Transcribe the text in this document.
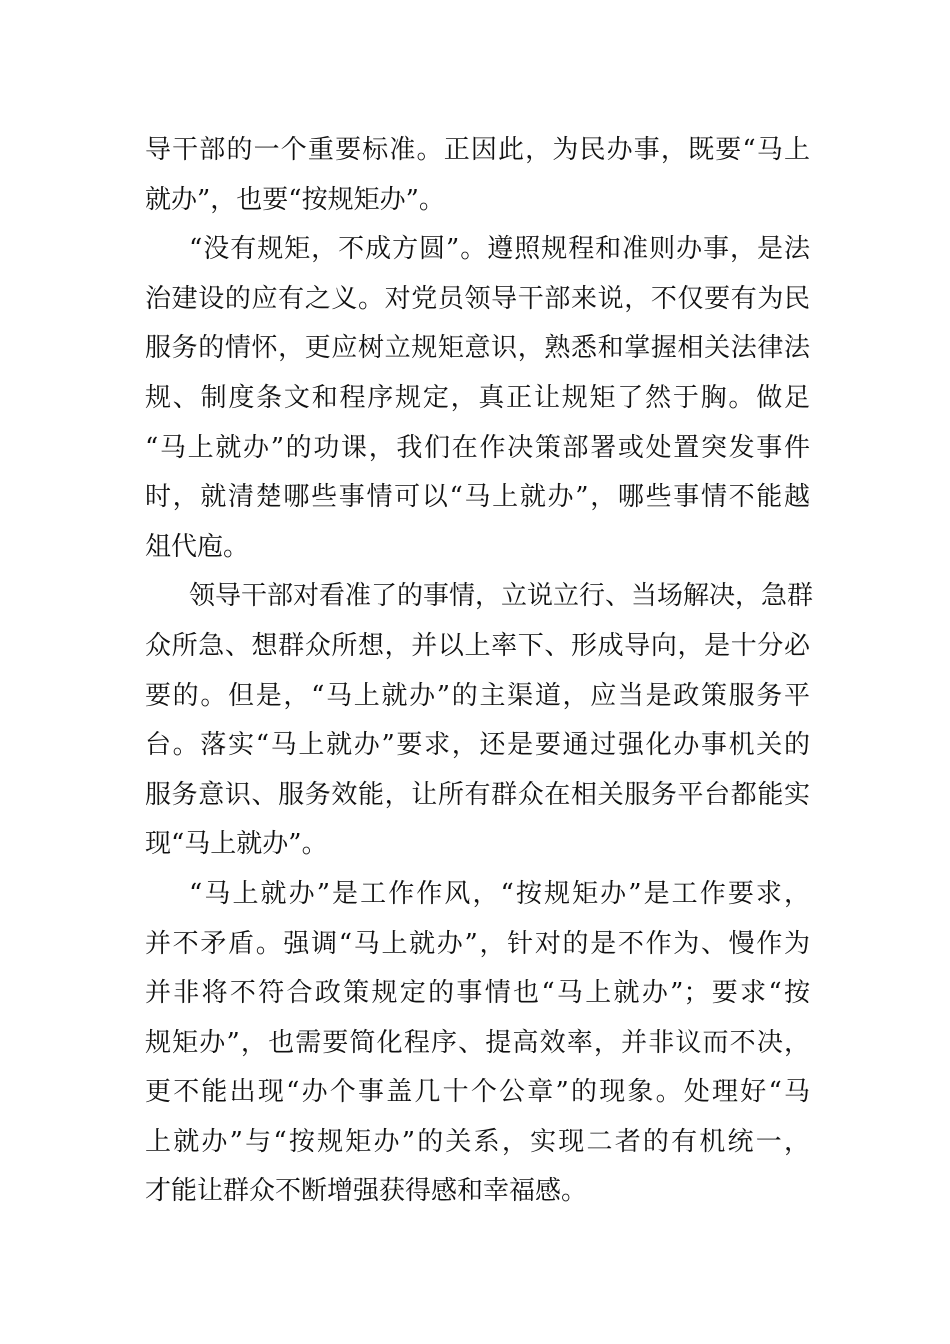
导干部的一个重要标准。正因此，为民办事，既要“马上
就办”，也要“按规矩办”。
“没有规矩，不成方圆”。遵照规程和准则办事，是法
治建设的应有之义。对党员领导干部来说，不仅要有为民
服务的情怀，更应树立规矩意识，熟悉和掌握相关法律法
规、制度条文和程序规定，真正让规矩了然于胸。做足
“马上就办”的功课，我们在作决策部署或处置突发事件
时，就清楚哪些事情可以“马上就办”，哪些事情不能越
俎代庖。
领导干部对看准了的事情，立说立行、当场解决，急群
众所急、想群众所想，并以上率下、形成导向，是十分必
要的。但是，“马上就办”的主渠道，应当是政策服务平
台。落实“马上就办”要求，还是要通过强化办事机关的
服务意识、服务效能，让所有群众在相关服务平台都能实
现“马上就办”。
“马上就办”是工作作风，“按规矩办”是工作要求，
并不矛盾。强调“马上就办”，针对的是不作为、慢作为
并非将不符合政策规定的事情也“马上就办”；要求“按
规矩办”，也需要简化程序、提高效率，并非议而不决，
更不能出现“办个事盖几十个公章”的现象。处理好“马
上就办”与“按规矩办”的关系，实现二者的有机统一，
才能让群众不断增强获得感和幸福感。
